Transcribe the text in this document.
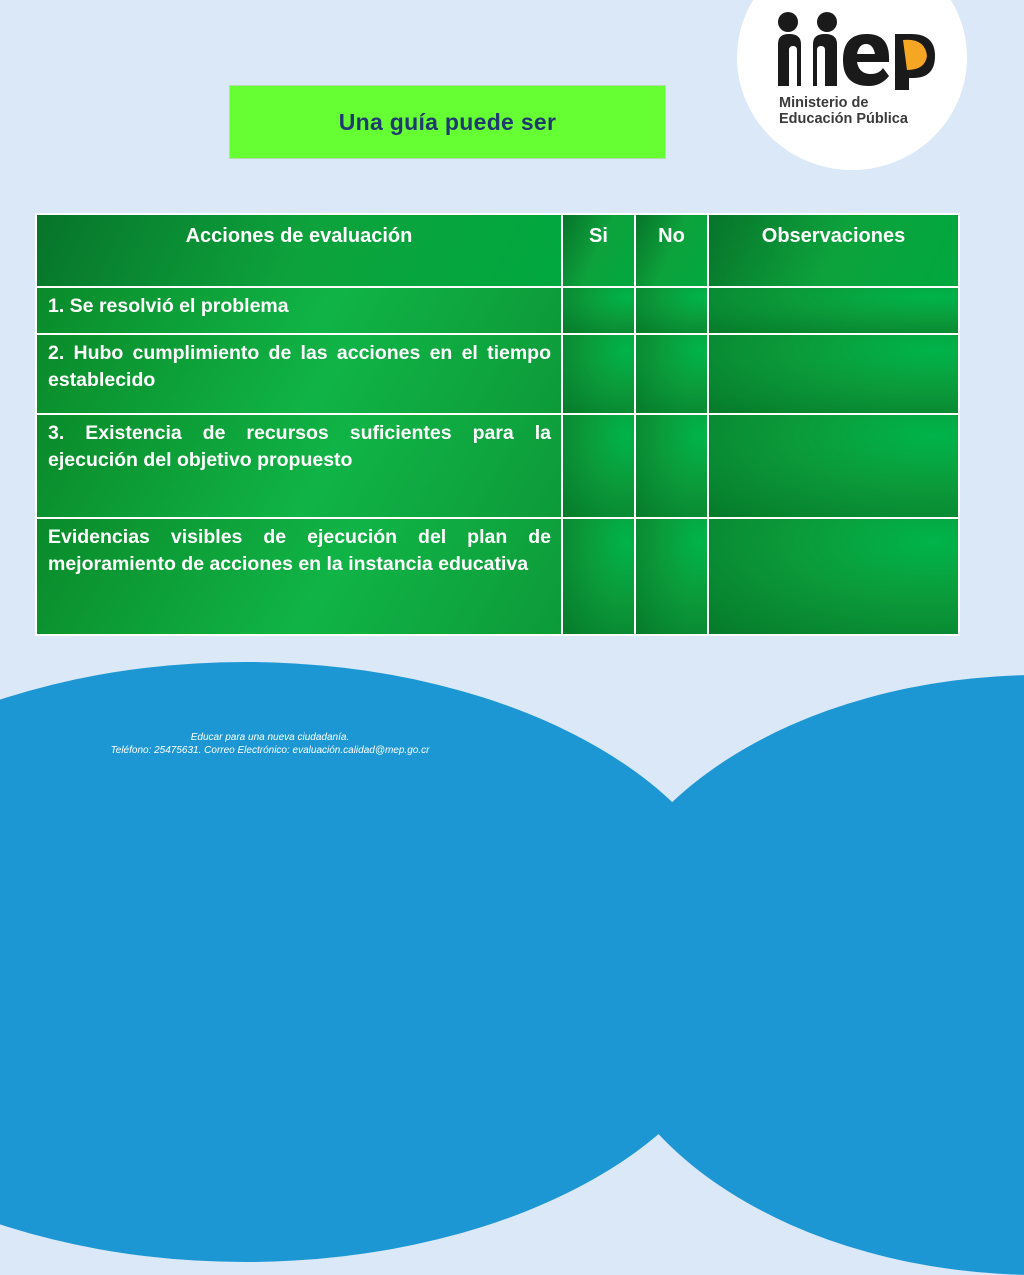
Ministerio de
Educación Pública
Una guía puede ser
Acciones de evaluación	Si	No	Observaciones
1. Se resolvió el problema			
2. Hubo cumplimiento de las acciones en el tiempo establecido			
3. Existencia de recursos suficientes para la ejecución del objetivo propuesto			
Evidencias visibles de ejecución del plan de mejoramiento de acciones en la instancia educativa			
Educar para una nueva ciudadanía.
Teléfono: 25475631. Correo Electrónico: evaluación.calidad@mep.go.cr
